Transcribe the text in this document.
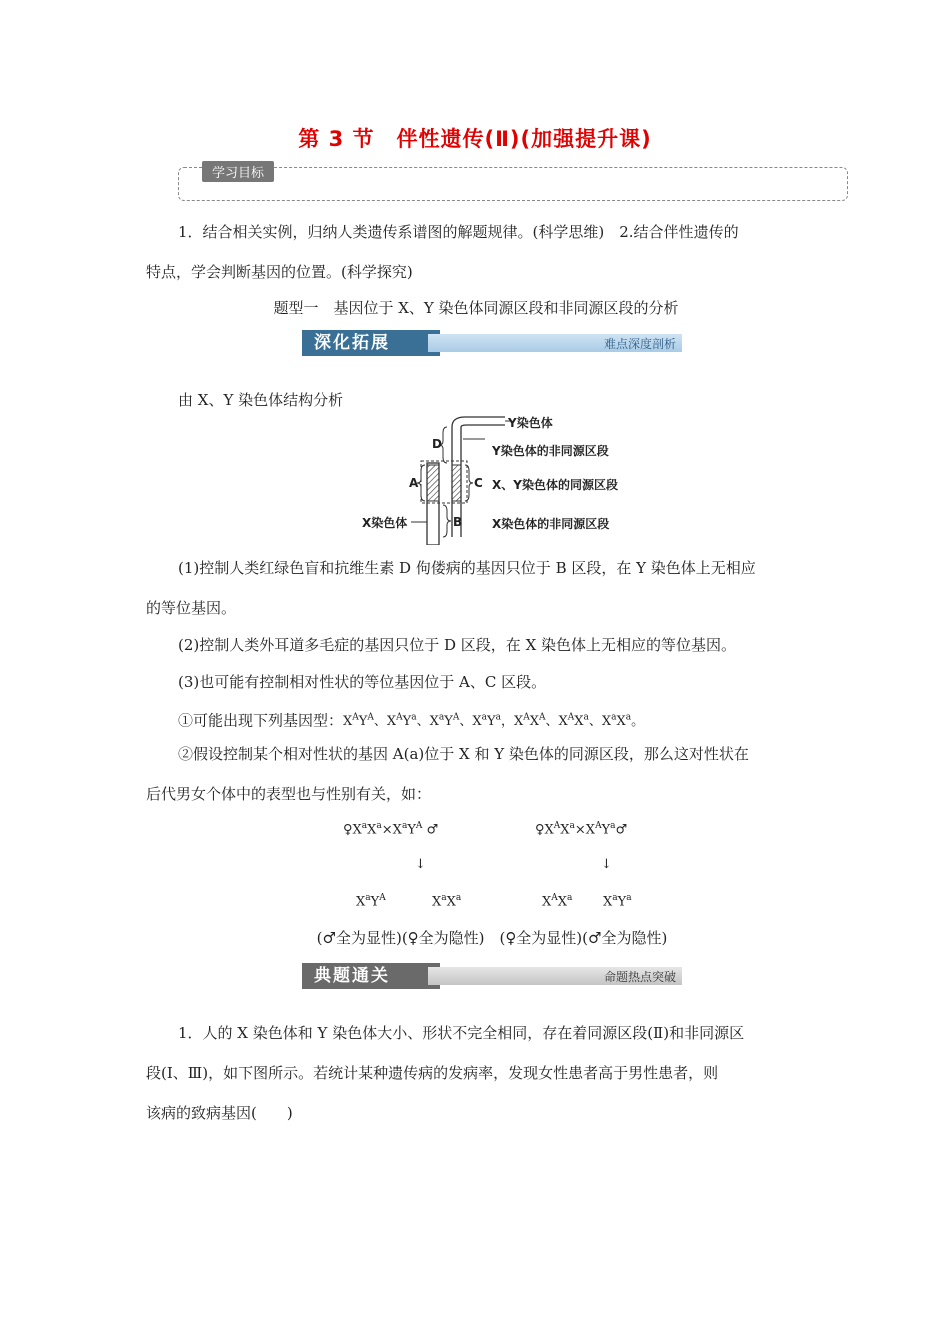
第 3 节　伴性遗传(Ⅱ)(加强提升课)
学习目标
1．结合相关实例，归纳人类遗传系谱图的解题规律。(科学思维)　2.结合伴性遗传的
特点，学会判断基因的位置。(科学探究)
题型一　基因位于 X、Y 染色体同源区段和非同源区段的分析
深化拓展	难点深度剖析
由 X、Y 染色体结构分析
Y染色体
D	Y染色体的非同源区段
A	C X、Y染色体的同源区段
X染色体	B X染色体的非同源区段
(1)控制人类红绿色盲和抗维生素 D 佝偻病的基因只位于 B 区段，在 Y 染色体上无相应
的等位基因。
(2)控制人类外耳道多毛症的基因只位于 D 区段，在 X 染色体上无相应的等位基因。
(3)也可能有控制相对性状的等位基因位于 A、C 区段。
①可能出现下列基因型：$X^AY^A$、$X^AY^a$、$X^aY^A$、$X^aY^a$，$X^AX^A$、$X^AX^a$、$X^aX^a$。
②假设控制某个相对性状的基因 A(a)位于 X 和 Y 染色体的同源区段，那么这对性状在
后代男女个体中的表型也与性别有关，如：
$♀X^aX^a\times X^aY^A$ ♂	$♀X^AX^a\times X^AY^a♂$
↓	↓
$X^aY^A$	$X^aX^a$	$X^AX^a$ $X^aY^a$
(♂全为显性)(♀全为隐性)　(♀全为显性)(♂全为隐性)
典题通关	命题热点突破
1．人的 X 染色体和 Y 染色体大小、形状不完全相同，存在着同源区段(Ⅱ)和非同源区
段(Ⅰ、Ⅲ)，如下图所示。若统计某种遗传病的发病率，发现女性患者高于男性患者，则
该病的致病基因(　　)
